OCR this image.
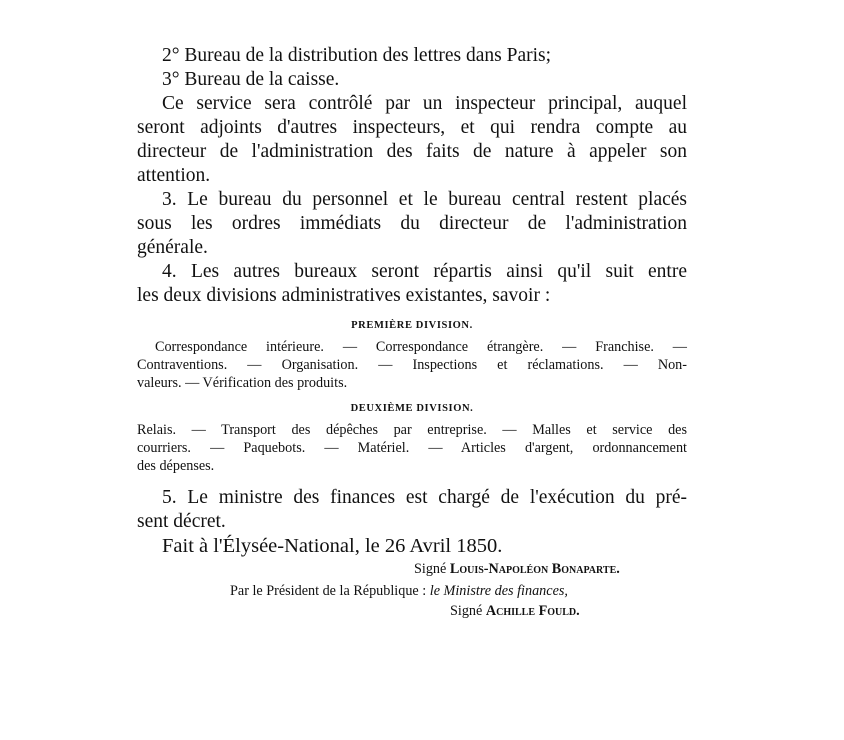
2° Bureau de la distribution des lettres dans Paris;
3° Bureau de la caisse.
Ce service sera contrôlé par un inspecteur principal, auquel
seront adjoints d'autres inspecteurs, et qui rendra compte au
directeur de l'administration des faits de nature à appeler son
attention.
3. Le bureau du personnel et le bureau central restent placés
sous les ordres immédiats du directeur de l'administration
générale.
4. Les autres bureaux seront répartis ainsi qu'il suit entre
les deux divisions administratives existantes, savoir :
PREMIÈRE DIVISION.
Correspondance intérieure. — Correspondance étrangère. — Franchise. —
Contraventions. — Organisation. — Inspections et réclamations. — Non-
valeurs. — Vérification des produits.
DEUXIÈME DIVISION.
Relais. — Transport des dépêches par entreprise. — Malles et service des
courriers. — Paquebots. — Matériel. — Articles d'argent, ordonnancement
des dépenses.
5. Le ministre des finances est chargé de l'exécution du pré-
sent décret.
Fait à l'Élysée-National, le 26 Avril 1850.
Signé Louis-Napoléon Bonaparte.
Par le Président de la République : le Ministre des finances,
Signé Achille Fould.
